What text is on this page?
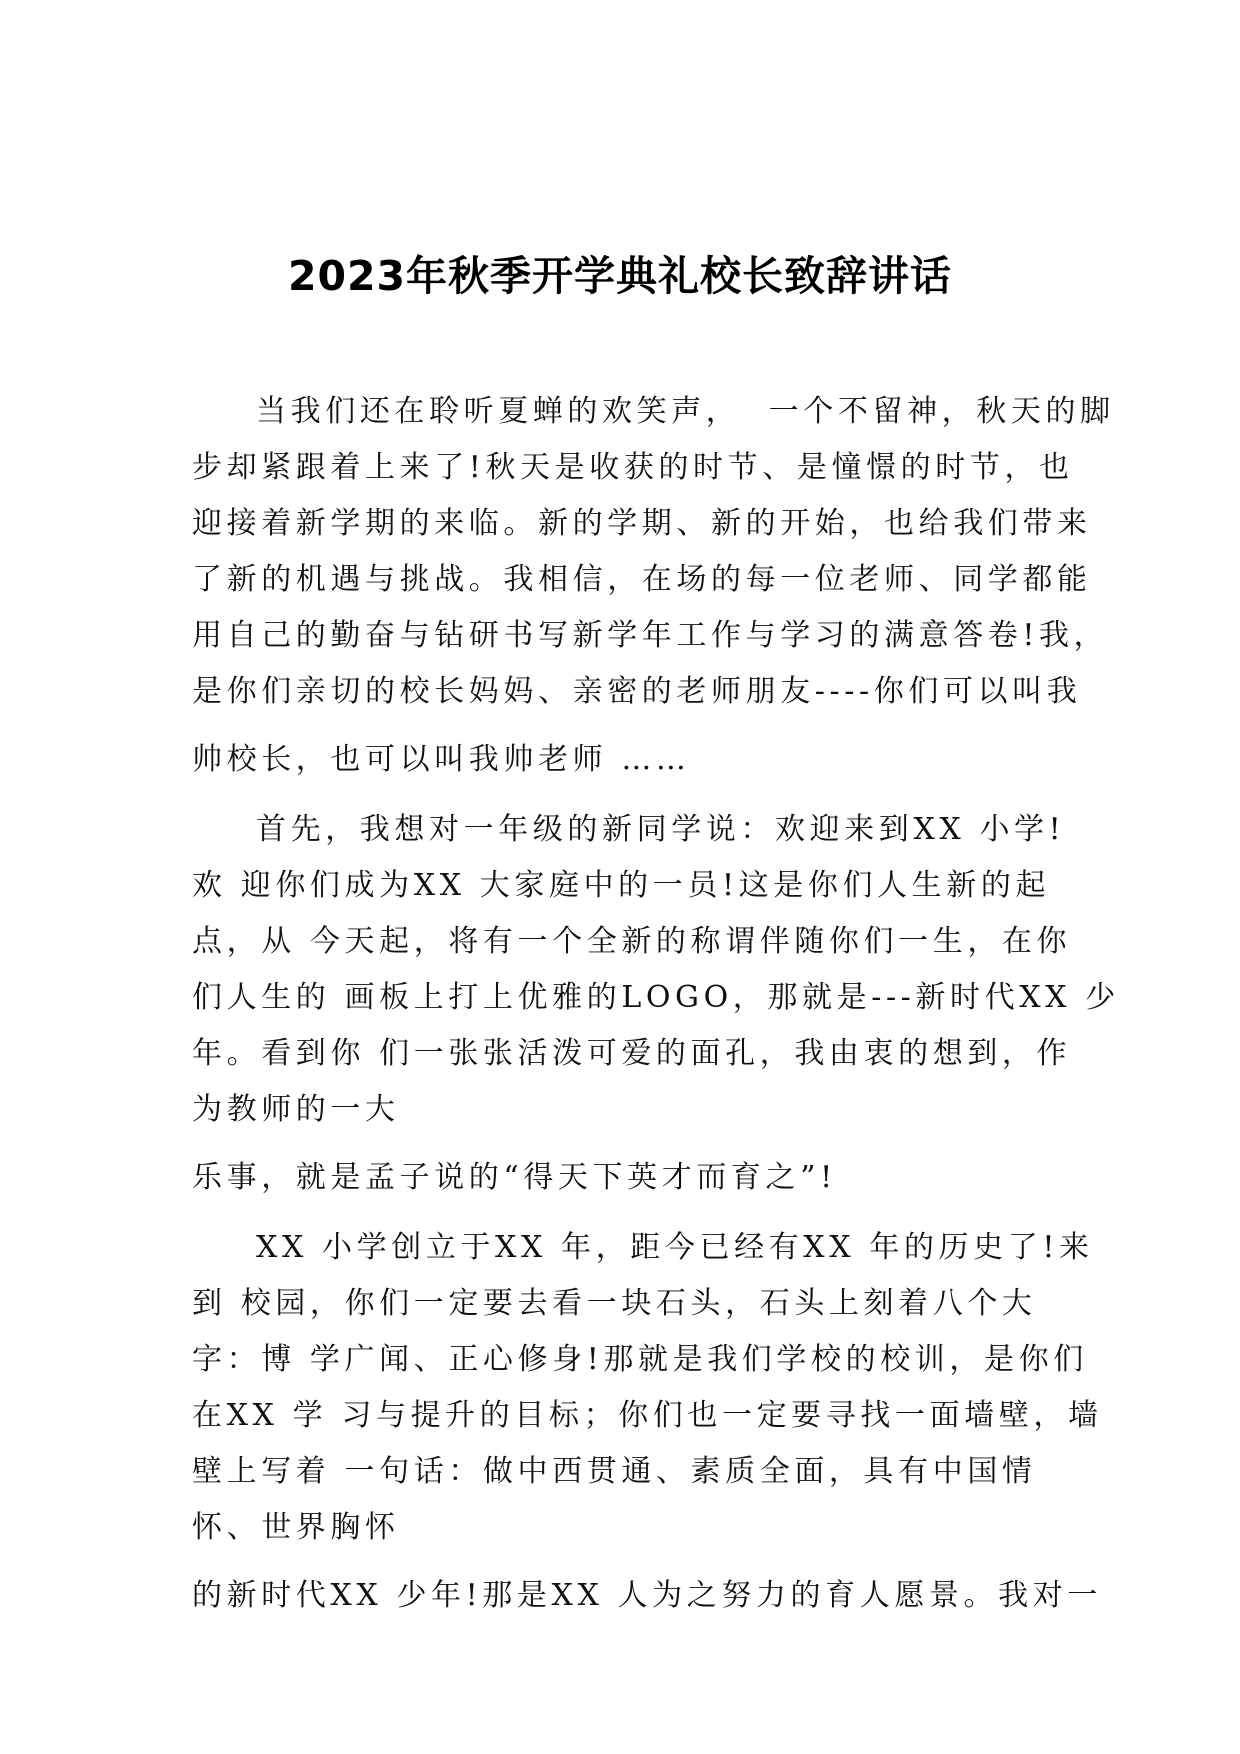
2023年秋季开学典礼校长致辞讲话

当我们还在聆听夏蝉的欢笑声，  一个不留神，秋天的脚

步却紧跟着上来了!秋天是收获的时节、是憧憬的时节，也

迎接着新学期的来临。新的学期、新的开始，也给我们带来

了新的机遇与挑战。我相信，在场的每一位老师、同学都能

用自己的勤奋与钻研书写新学年工作与学习的满意答卷!我，

是你们亲切的校长妈妈、亲密的老师朋友----你们可以叫我

帅校长，也可以叫我帅老师 ……

首先，我想对一年级的新同学说：欢迎来到XX 小学!

欢 迎你们成为XX 大家庭中的一员!这是你们人生新的起

点，从 今天起，将有一个全新的称谓伴随你们一生，在你

们人生的 画板上打上优雅的LOGO，那就是---新时代XX 少

年。看到你 们一张张活泼可爱的面孔，我由衷的想到，作

为教师的一大

乐事，就是孟子说的“得天下英才而育之”!

XX 小学创立于XX 年，距今已经有XX 年的历史了!来

到 校园，你们一定要去看一块石头，石头上刻着八个大

字：博 学广闻、正心修身!那就是我们学校的校训，是你们

在XX 学 习与提升的目标；你们也一定要寻找一面墙壁，墙

壁上写着 一句话：做中西贯通、素质全面，具有中国情

怀、世界胸怀

的新时代XX 少年!那是XX 人为之努力的育人愿景。我对一
